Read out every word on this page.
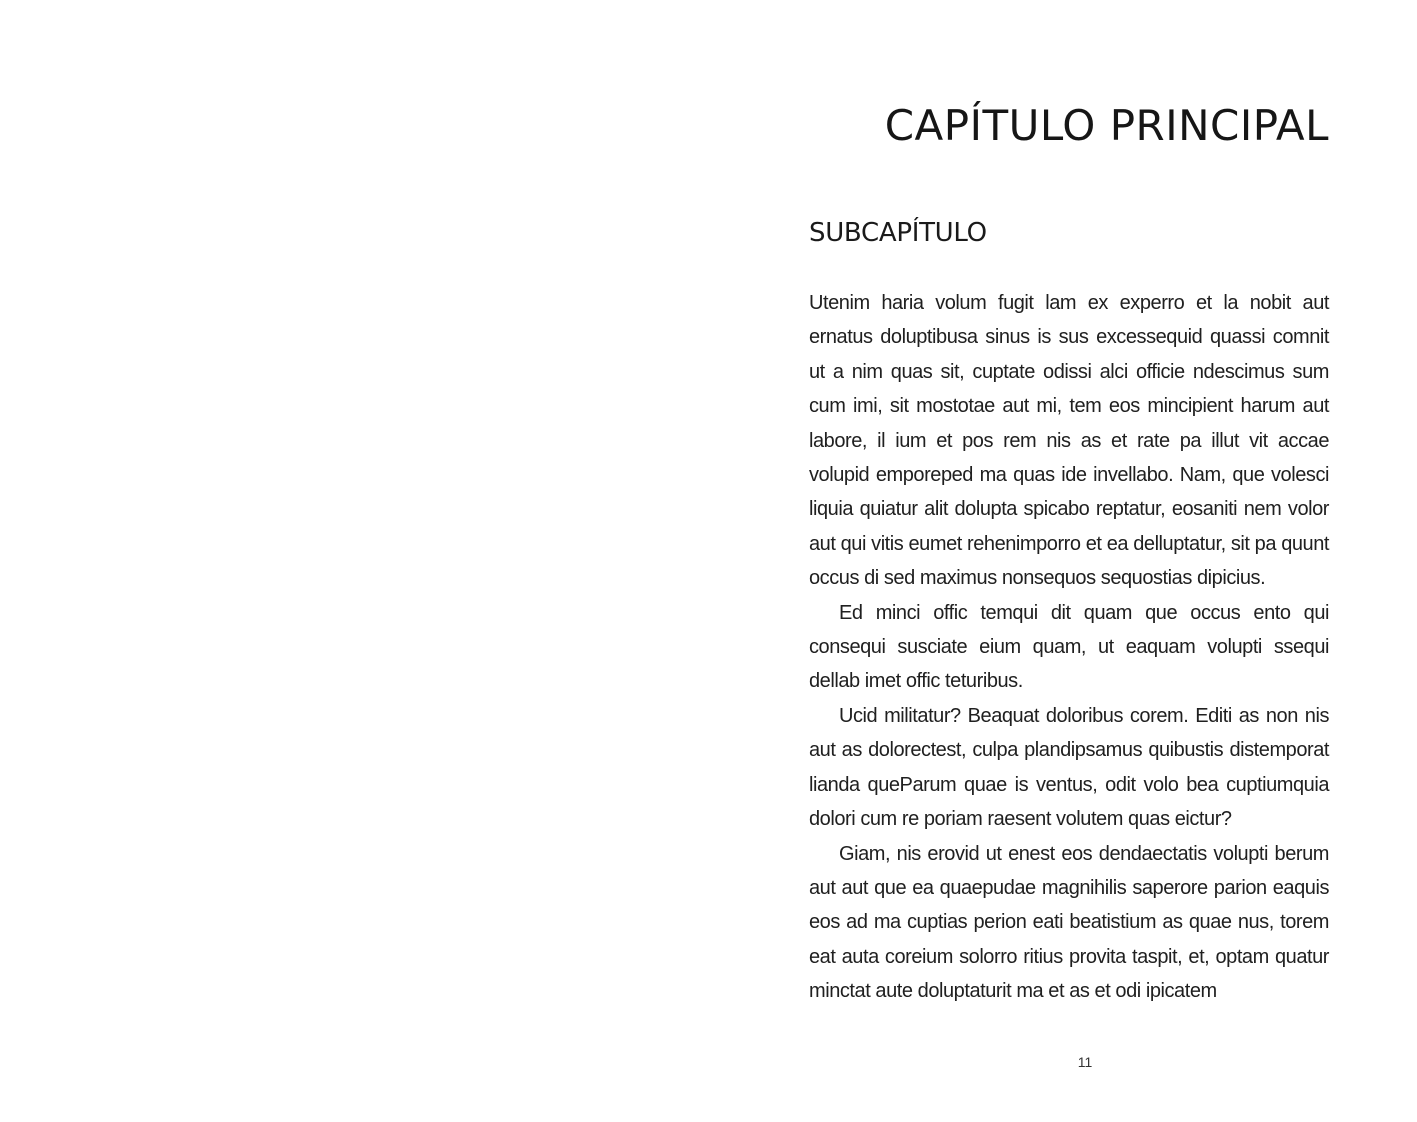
CAPÍTULO PRINCIPAL
SUBCAPÍTULO

Utenim haria volum fugit lam ex experro et la nobit aut ernatus doluptibusa sinus is sus excessequid quassi comnit ut a nim quas sit, cuptate odissi alci officie ndescimus sum cum imi, sit mostotae aut mi, tem eos mincipient harum aut labore, il ium et pos rem nis as et rate pa illut vit accae volupid emporeped ma quas ide invellabo. Nam, que volesci liquia quiatur alit dolupta spicabo reptatur, eosaniti nem volor aut qui vitis eumet rehenimporro et ea delluptatur, sit pa quunt occus di sed maximus nonsequos sequostias dipicius.

Ed minci offic temqui dit quam que occus ento qui consequi susciate eium quam, ut eaquam volupti ssequi dellab imet offic teturibus.

Ucid militatur? Beaquat doloribus corem. Editi as non nis aut as dolorectest, culpa plandipsamus quibustis distemporat lianda queParum quae is ventus, odit volo bea cuptiumquia dolori cum re poriam raesent volutem quas eictur?

Giam, nis erovid ut enest eos dendaectatis volupti berum aut aut que ea quaepudae magnihilis saperore parion eaquis eos ad ma cuptias perion eati beatistium as quae nus, torem eat auta coreium solorro ritius provita taspit, et, optam quatur minctat aute doluptaturit ma et as et odi ipicatem

11
